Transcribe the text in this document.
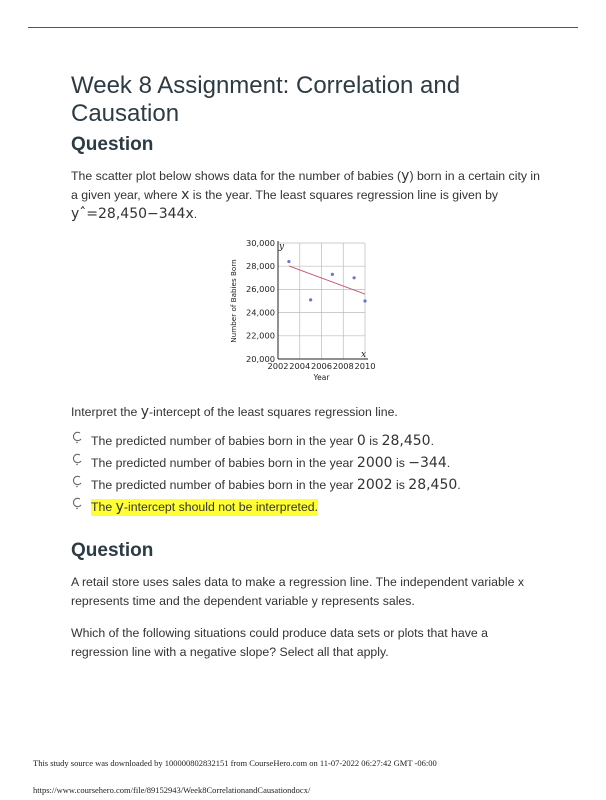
Week 8 Assignment: Correlation and Causation
Question

The scatter plot below shows data for the number of babies (y) born in a certain city in a given year, where x is the year. The least squares regression line is given by yˆ=28,450−344x.

20,000
22,000
24,000
26,000
28,000
30,000
2002 2004 2006 2008 2010
Number of Babies Born
Year
y
x

Interpret the y-intercept of the least squares regression line.

The predicted number of babies born in the year 0 is 28,450.
The predicted number of babies born in the year 2000 is −344.
The predicted number of babies born in the year 2002 is 28,450.
The y-intercept should not be interpreted.
Question

A retail store uses sales data to make a regression line. The independent variable x represents time and the dependent variable y represents sales.

Which of the following situations could produce data sets or plots that have a regression line with a negative slope? Select all that apply.

This study source was downloaded by 100000802832151 from CourseHero.com on 11-07-2022 06:27:42 GMT -06:00
https://www.coursehero.com/file/89152943/Week8CorrelationandCausationdocx/
